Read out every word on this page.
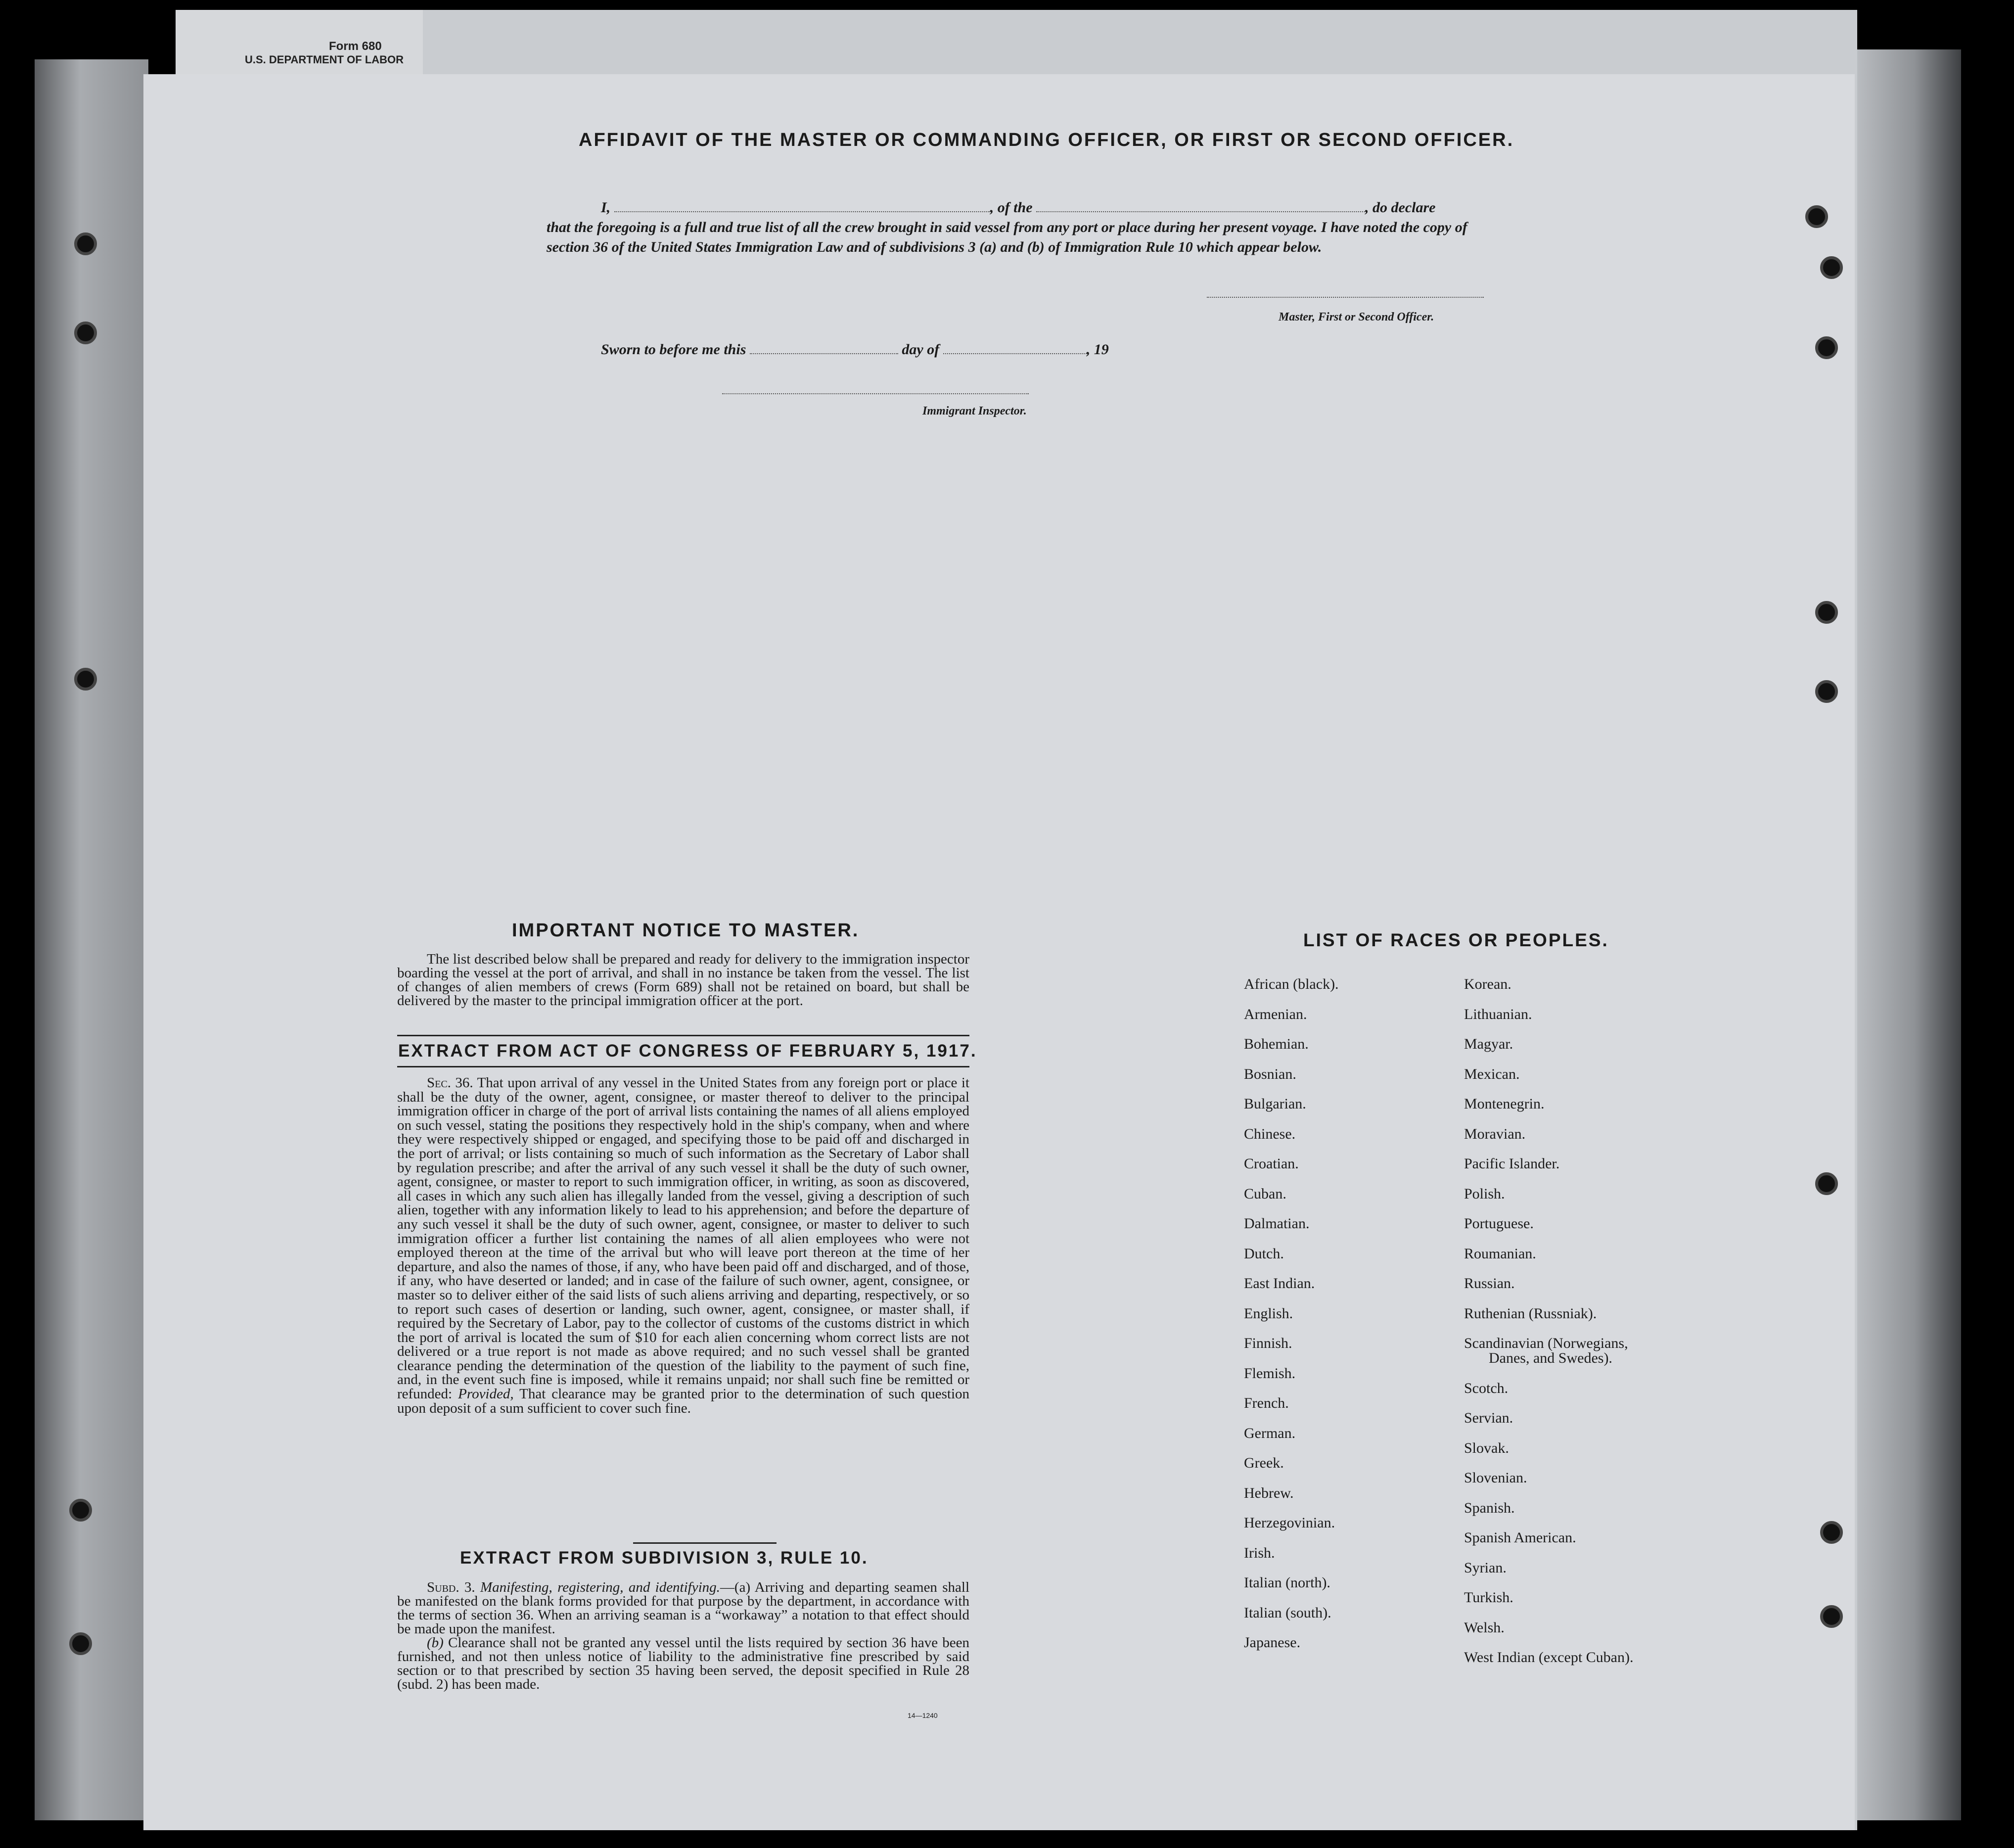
Form 680
U.S. DEPARTMENT OF LABOR
AFFIDAVIT OF THE MASTER OR COMMANDING OFFICER, OR FIRST OR SECOND OFFICER.
I,	, of the	, do declare
that the foregoing is a full and true list of all the crew brought in said vessel from any port or place during her present voyage. I have noted the copy of section 36 of the United States Immigration Law and of subdivisions 3 (a) and (b) of Immigration Rule 10 which appear below.
Master, First or Second Officer.
Sworn to before me this	day of	, 19
Immigrant Inspector.
IMPORTANT NOTICE TO MASTER.
The list described below shall be prepared and ready for delivery to the immigration inspector boarding the vessel at the port of arrival, and shall in no instance be taken from the vessel. The list of changes of alien members of crews (Form 689) shall not be retained on board, but shall be delivered by the master to the principal immigration officer at the port.
EXTRACT FROM ACT OF CONGRESS OF FEBRUARY 5, 1917.
Sec. 36. That upon arrival of any vessel in the United States from any foreign port or place it shall be the duty of the owner, agent, consignee, or master thereof to deliver to the principal immigration officer in charge of the port of arrival lists containing the names of all aliens employed on such vessel, stating the positions they respectively hold in the ship's company, when and where they were respectively shipped or engaged, and specifying those to be paid off and discharged in the port of arrival; or lists containing so much of such information as the Secretary of Labor shall by regulation prescribe; and after the arrival of any such vessel it shall be the duty of such owner, agent, consignee, or master to report to such immigration officer, in writing, as soon as discovered, all cases in which any such alien has illegally landed from the vessel, giving a description of such alien, together with any information likely to lead to his apprehension; and before the departure of any such vessel it shall be the duty of such owner, agent, consignee, or master to deliver to such immigration officer a further list containing the names of all alien employees who were not employed thereon at the time of the arrival but who will leave port thereon at the time of her departure, and also the names of those, if any, who have been paid off and discharged, and of those, if any, who have deserted or landed; and in case of the failure of such owner, agent, consignee, or master so to deliver either of the said lists of such aliens arriving and departing, respectively, or so to report such cases of desertion or landing, such owner, agent, consignee, or master shall, if required by the Secretary of Labor, pay to the collector of customs of the customs district in which the port of arrival is located the sum of $10 for each alien concerning whom correct lists are not delivered or a true report is not made as above required; and no such vessel shall be granted clearance pending the determination of the question of the liability to the payment of such fine, and, in the event such fine is imposed, while it remains unpaid; nor shall such fine be remitted or refunded: Provided, That clearance may be granted prior to the determination of such question upon deposit of a sum sufficient to cover such fine.
EXTRACT FROM SUBDIVISION 3, RULE 10.
Subd. 3. Manifesting, registering, and identifying.—(a) Arriving and departing seamen shall be manifested on the blank forms provided for that purpose by the department, in accordance with the terms of section 36. When an arriving seaman is a “workaway” a notation to that effect should be made upon the manifest.
(b) Clearance shall not be granted any vessel until the lists required by section 36 have been furnished, and not then unless notice of liability to the administrative fine prescribed by said section or to that prescribed by section 35 having been served, the deposit specified in Rule 28 (subd. 2) has been made.
14—1240
LIST OF RACES OR PEOPLES.
African (black).
Armenian.
Bohemian.
Bosnian.
Bulgarian.
Chinese.
Croatian.
Cuban.
Dalmatian.
Dutch.
East Indian.
English.
Finnish.
Flemish.
French.
German.
Greek.
Hebrew.
Herzegovinian.
Irish.
Italian (north).
Italian (south).
Japanese.
Korean.
Lithuanian.
Magyar.
Mexican.
Montenegrin.
Moravian.
Pacific Islander.
Polish.
Portuguese.
Roumanian.
Russian.
Ruthenian (Russniak).
Scandinavian (Norwegians,
Danes, and Swedes).
Scotch.
Servian.
Slovak.
Slovenian.
Spanish.
Spanish American.
Syrian.
Turkish.
Welsh.
West Indian (except Cuban).
